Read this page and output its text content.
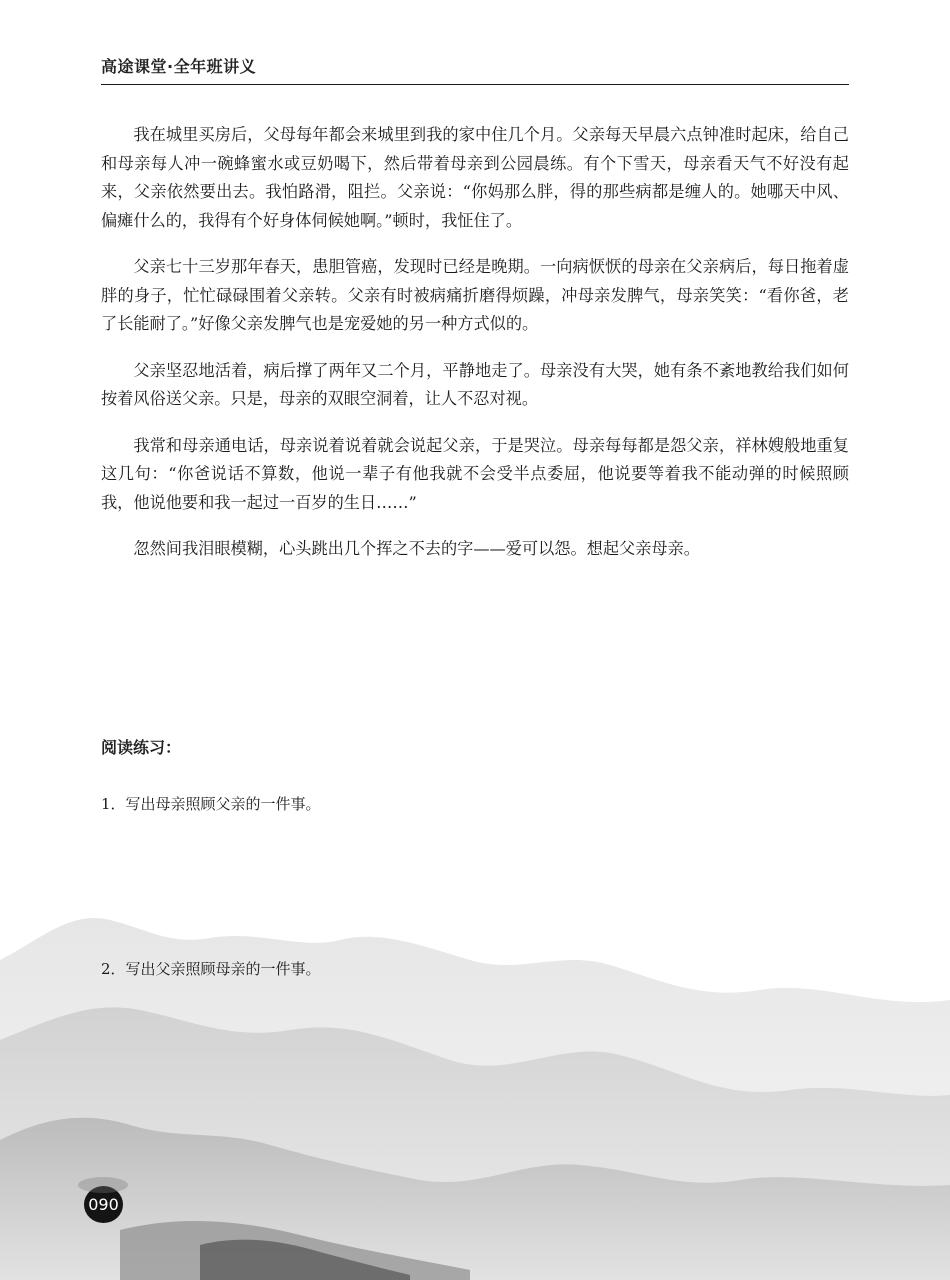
高途课堂·全年班讲义

我在城里买房后，父母每年都会来城里到我的家中住几个月。父亲每天早晨六点钟准时起床，给自己和母亲每人冲一碗蜂蜜水或豆奶喝下，然后带着母亲到公园晨练。有个下雪天，母亲看天气不好没有起来，父亲依然要出去。我怕路滑，阻拦。父亲说：“你妈那么胖，得的那些病都是缠人的。她哪天中风、偏瘫什么的，我得有个好身体伺候她啊。”顿时，我怔住了。

父亲七十三岁那年春天，患胆管癌，发现时已经是晚期。一向病恹恹的母亲在父亲病后，每日拖着虚胖的身子，忙忙碌碌围着父亲转。父亲有时被病痛折磨得烦躁，冲母亲发脾气，母亲笑笑：“看你爸，老了长能耐了。”好像父亲发脾气也是宠爱她的另一种方式似的。

父亲坚忍地活着，病后撑了两年又二个月，平静地走了。母亲没有大哭，她有条不紊地教给我们如何按着风俗送父亲。只是，母亲的双眼空洞着，让人不忍对视。

我常和母亲通电话，母亲说着说着就会说起父亲，于是哭泣。母亲每每都是怨父亲，祥林嫂般地重复这几句：“你爸说话不算数，他说一辈子有他我就不会受半点委屈，他说要等着我不能动弹的时候照顾我，他说他要和我一起过一百岁的生日……”

忽然间我泪眼模糊，心头跳出几个挥之不去的字——爱可以怨。想起父亲母亲。

阅读练习：
1．写出母亲照顾父亲的一件事。
2．写出父亲照顾母亲的一件事。
090
